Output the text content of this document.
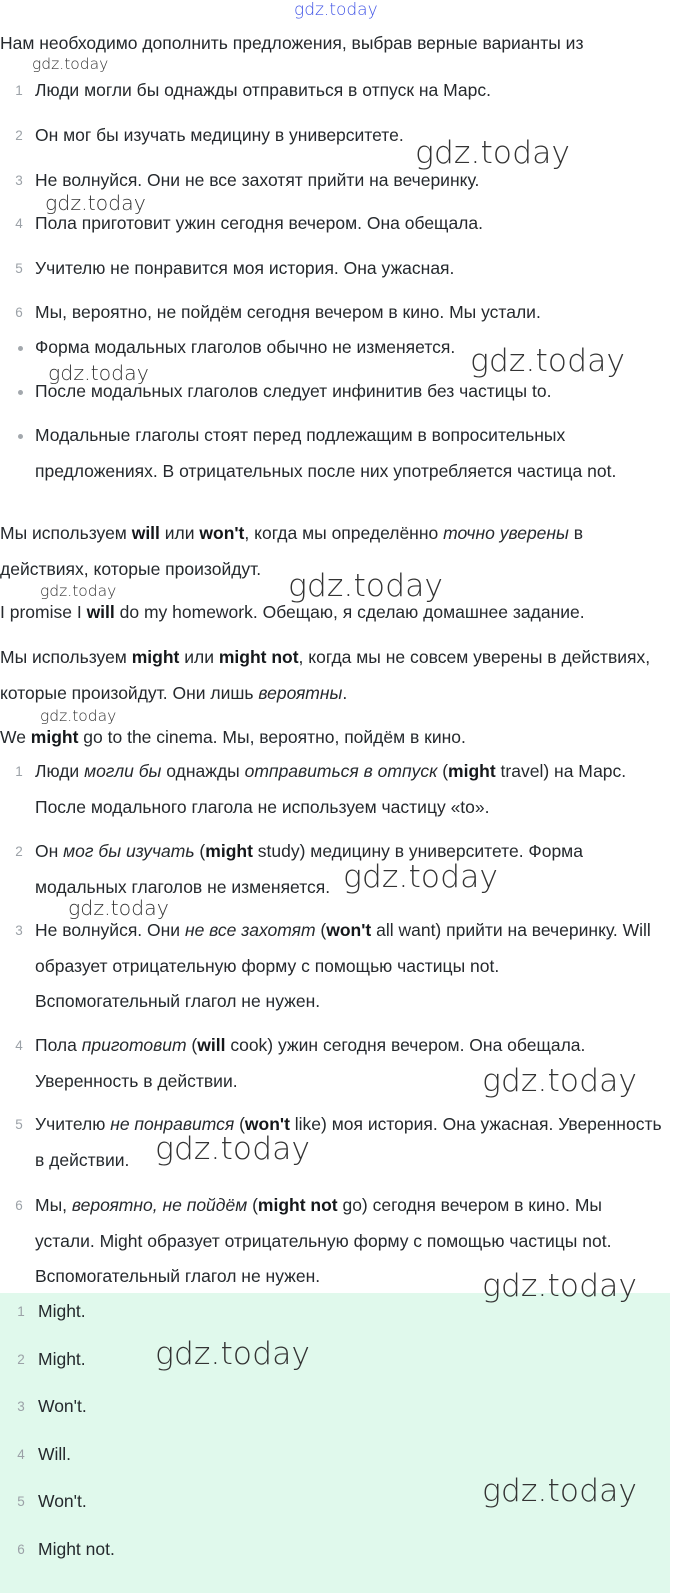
gdz.today
Нам необходимо дополнить предложения, выбрав верные варианты из
1 Люди могли бы однажды отправиться в отпуск на Марс.
2 Он мог бы изучать медицину в университете.
3 Не волнуйся. Они не все захотят прийти на вечеринку.
4 Пола приготовит ужин сегодня вечером. Она обещала.
5 Учителю не понравится моя история. Она ужасная.
6 Мы, вероятно, не пойдём сегодня вечером в кино. Мы устали.
Форма модальных глаголов обычно не изменяется.
После модальных глаголов следует инфинитив без частицы to.
Модальные глаголы стоят перед подлежащим в вопросительных
предложениях. В отрицательных после них употребляется частица not.
Мы используем will или won't, когда мы определённо точно уверены в
действиях, которые произойдут.
I promise I will do my homework. Обещаю, я сделаю домашнее задание.
Мы используем might или might not, когда мы не совсем уверены в действиях,
которые произойдут. Они лишь вероятны.
We might go to the cinema. Мы, вероятно, пойдём в кино.
1 Люди могли бы однажды отправиться в отпуск (might travel) на Марс.
После модального глагола не используем частицу «to».
2 Он мог бы изучать (might study) медицину в университете. Форма
модальных глаголов не изменяется.
3 Не волнуйся. Они не все захотят (won't all want) прийти на вечеринку. Will
образует отрицательную форму с помощью частицы not.
Вспомогательный глагол не нужен.
4 Пола приготовит (will cook) ужин сегодня вечером. Она обещала.
Уверенность в действии.
5 Учителю не понравится (won't like) моя история. Она ужасная. Уверенность
в действии.
6 Мы, вероятно, не пойдём (might not go) сегодня вечером в кино. Мы
устали. Might образует отрицательную форму с помощью частицы not.
Вспомогательный глагол не нужен.
1 Might.
2 Might.
3 Won't.
4 Will.
5 Won't.
6 Might not.
gdz.today
gdz.today
gdz.today
gdz.today
gdz.today
gdz.today
gdz.today
gdz.today
gdz.today
gdz.today
gdz.today
gdz.today
gdz.today
gdz.today
gdz.today
